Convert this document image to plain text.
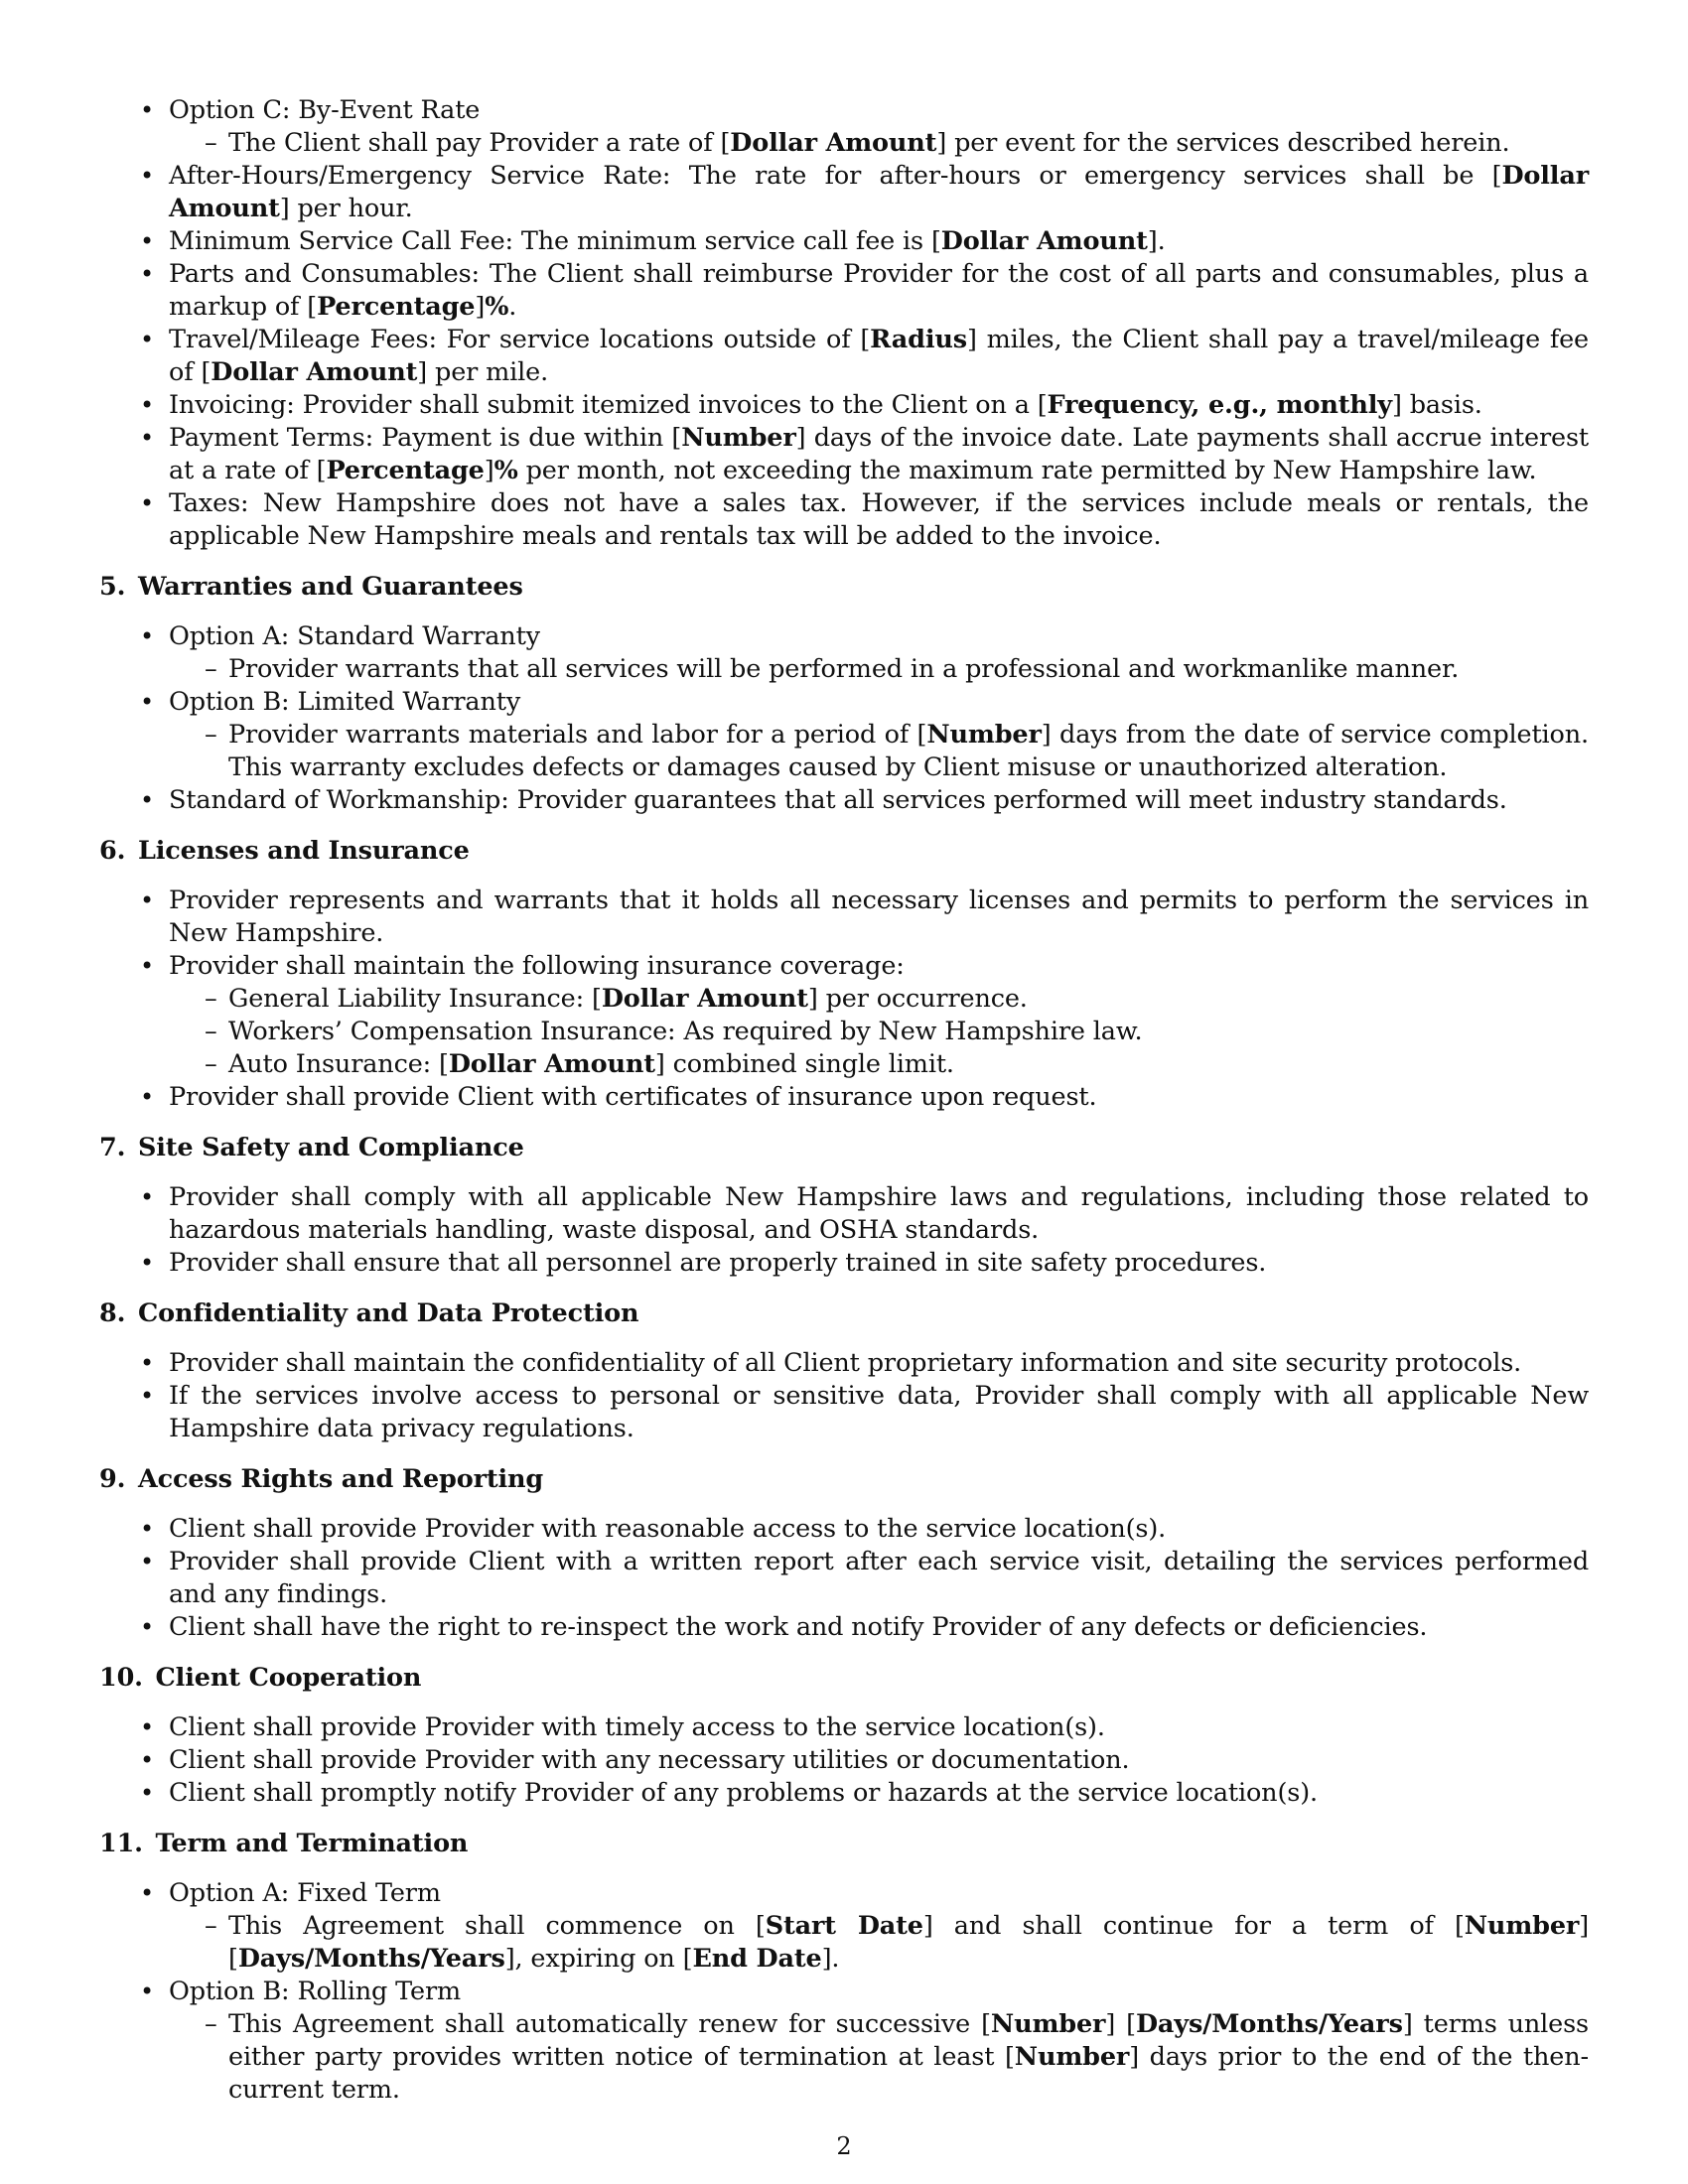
• Option C: By-Event Rate
– The Client shall pay Provider a rate of [Dollar Amount] per event for the services described herein.
• After-Hours/Emergency Service Rate: The rate for after-hours or emergency services shall be [Dollar Amount] per hour.
• Minimum Service Call Fee: The minimum service call fee is [Dollar Amount].
• Parts and Consumables: The Client shall reimburse Provider for the cost of all parts and consumables, plus a markup of [Percentage]%.
• Travel/Mileage Fees: For service locations outside of [Radius] miles, the Client shall pay a travel/mileage fee of [Dollar Amount] per mile.
• Invoicing: Provider shall submit itemized invoices to the Client on a [Frequency, e.g., monthly] basis.
• Payment Terms: Payment is due within [Number] days of the invoice date. Late payments shall accrue interest at a rate of [Percentage]% per month, not exceeding the maximum rate permitted by New Hampshire law.
• Taxes: New Hampshire does not have a sales tax. However, if the services include meals or rentals, the applicable New Hampshire meals and rentals tax will be added to the invoice.
5.  Warranties and Guarantees
• Option A: Standard Warranty
– Provider warrants that all services will be performed in a professional and workmanlike manner.
• Option B: Limited Warranty
– Provider warrants materials and labor for a period of [Number] days from the date of service completion. This warranty excludes defects or damages caused by Client misuse or unauthorized alteration.
• Standard of Workmanship: Provider guarantees that all services performed will meet industry standards.
6.  Licenses and Insurance
• Provider represents and warrants that it holds all necessary licenses and permits to perform the services in New Hampshire.
• Provider shall maintain the following insurance coverage:
– General Liability Insurance: [Dollar Amount] per occurrence.
– Workers’ Compensation Insurance: As required by New Hampshire law.
– Auto Insurance: [Dollar Amount] combined single limit.
• Provider shall provide Client with certificates of insurance upon request.
7.  Site Safety and Compliance
• Provider shall comply with all applicable New Hampshire laws and regulations, including those related to hazardous materials handling, waste disposal, and OSHA standards.
• Provider shall ensure that all personnel are properly trained in site safety procedures.
8.  Confidentiality and Data Protection
• Provider shall maintain the confidentiality of all Client proprietary information and site security protocols.
• If the services involve access to personal or sensitive data, Provider shall comply with all applicable New Hampshire data privacy regulations.
9.  Access Rights and Reporting
• Client shall provide Provider with reasonable access to the service location(s).
• Provider shall provide Client with a written report after each service visit, detailing the services performed and any findings.
• Client shall have the right to re-inspect the work and notify Provider of any defects or deficiencies.
10.  Client Cooperation
• Client shall provide Provider with timely access to the service location(s).
• Client shall provide Provider with any necessary utilities or documentation.
• Client shall promptly notify Provider of any problems or hazards at the service location(s).
11.  Term and Termination
• Option A: Fixed Term
– This Agreement shall commence on [Start Date] and shall continue for a term of [Number] [Days/Months/Years], expiring on [End Date].
• Option B: Rolling Term
– This Agreement shall automatically renew for successive [Number] [Days/Months/Years] terms unless either party provides written notice of termination at least [Number] days prior to the end of the then-current term.
2
